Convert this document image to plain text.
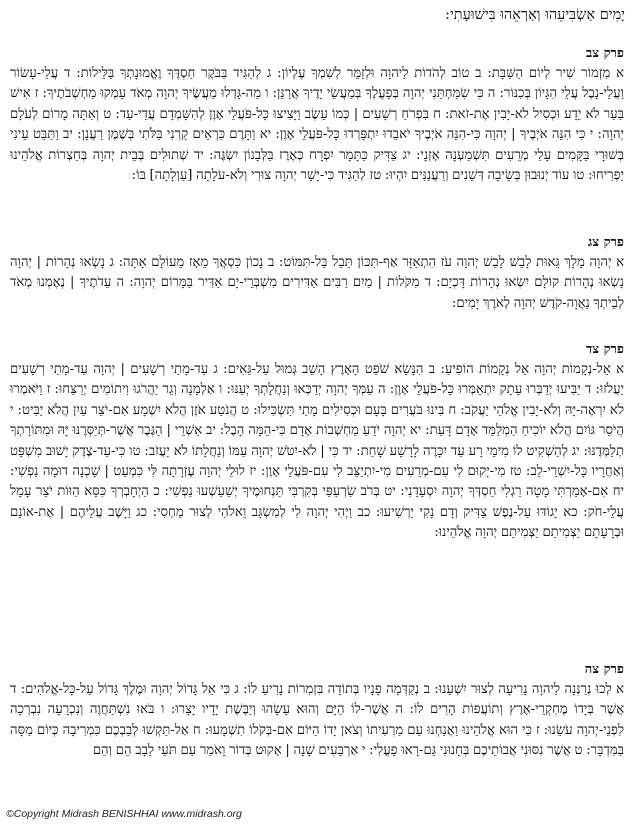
יָמִים אַשְׂבִּיעֵהוּ וְאַרְאֵהוּ בִּישׁוּעָתִי:
פרק צב
א מִזְמוֹר שִׁיר לְיוֹם הַשַּׁבָּת: ב טוֹב לְהֹדוֹת לַיהוָה וּלְזַמֵּר לְשִׁמְךָ עֶלְיוֹן: ג לְהַגִּיד בַּבֹּקֶר חַסְדֶּךָ וֶאֱמוּנָתְךָ בַּלֵּילוֹת: ד עֲלֵי-עָשׂוֹר וַעֲלֵי-נָבֶל עֲלֵי הִגָּיוֹן בְּכִנּוֹר: ה כִּי שִׂמַּחְתַּנִי יְהוָה בְּפָעֳלֶךָ בְּמַעֲשֵׂי יָדֶיךָ אֲרַנֵּן: ו מַה-גָּדְלוּ מַעֲשֶׂיךָ יְהוָה מְאֹד עָמְקוּ מַחְשְׁבֹתֶיךָ: ז אִישׁ בַּעַר לֹא יֵדָע וּכְסִיל לֹא-יָבִין אֶת-זֹאת: ח בִּפְרֹחַ רְשָׁעִים | כְּמוֹ עֵשֶׂב וַיָּצִיצוּ כָּל-פֹּעֲלֵי אָוֶן לְהִשָּׁמְדָם עֲדֵי-עַד: ט וְאַתָּה מָרוֹם לְעֹלָם יְהוָה: י כִּי הִנֵּה אֹיְבֶיךָ | יְהוָה כִּי-הִנֵּה אֹיְבֶיךָ יֹאבֵדוּ יִתְפָּרְדוּ כָּל-פֹּעֲלֵי אָוֶן: יא וַתָּרֶם כִּרְאֵים קַרְנִי בַּלֹּתִי בְּשֶׁמֶן רַעֲנָן: יב וַתַּבֵּט עֵינִי בְּשׁוּרָי בַּקָּמִים עָלַי מְרֵעִים תִּשְׁמַעְנָה אָזְנָי: יג צַדִּיק כַּתָּמָר יִפְרָח כְּאֶרֶז בַּלְּבָנוֹן יִשְׂגֶּה: יד שְׁתוּלִים בְּבֵית יְהוָה בְּחַצְרוֹת אֱלֹהֵינוּ יַפְרִיחוּ: טו עוֹד יְנוּבוּן בְּשֵׂיבָה דְּשֵׁנִים וְרַעֲנַנִּים יִהְיוּ: טז לְהַגִּיד כִּי-יָשָׁר יְהוָה צוּרִי וְלֹא-עֹלָתָה [עַוְלָתָה] בּוֹ:
פרק צג
א יְהוָה מָלָךְ גֵּאוּת לָבֵשׁ לָבֵשׁ יְהוָה עֹז הִתְאַזָּר אַף-תִּכּוֹן תֵּבֵל בַּל-תִּמּוֹט: ב נָכוֹן כִּסְאֲךָ מֵאָז מֵעוֹלָם אָתָּה: ג נָשְׂאוּ נְהָרוֹת | יְהוָה נָשְׂאוּ נְהָרוֹת קוֹלָם יִשְׂאוּ נְהָרוֹת דָּכְיָם: ד מִקֹּלוֹת | מַיִם רַבִּים אַדִּירִים מִשְׁבְּרֵי-יָם אַדִּיר בַּמָּרוֹם יְהוָה: ה עֵדֹתֶיךָ | נֶאֶמְנוּ מְאֹד לְבֵיתְךָ נַאֲוָה-קֹדֶשׁ יְהוָה לְאֹרֶךְ יָמִים:
פרק צד
א אֵל-נְקָמוֹת יְהוָה אֵל נְקָמוֹת הוֹפִיעַ: ב הִנָּשֵׂא שֹׁפֵט הָאָרֶץ הָשֵׁב גְּמוּל עַל-גֵּאִים: ג עַד-מָתַי רְשָׁעִים | יְהוָה עַד-מָתַי רְשָׁעִים יַעֲלֹזוּ: ד יַבִּיעוּ יְדַבְּרוּ עָתָק יִתְאַמְּרוּ כָּל-פֹּעֲלֵי אָוֶן: ה עַמְּךָ יְהוָה יְדַכְּאוּ וְנַחֲלָתְךָ יְעַנּוּ: ו אַלְמָנָה וְגֵר יַהֲרֹגוּ וִיתוֹמִים יְרַצֵּחוּ: ז וַיֹּאמְרוּ לֹא יִרְאֶה-יָּהּ וְלֹא-יָבִין אֱלֹהֵי יַעֲקֹב: ח בִּינוּ בֹּעֲרִים בָּעָם וּכְסִילִים מָתַי תַּשְׂכִּילוּ: ט הֲנֹטַע אֹזֶן הֲלֹא יִשְׁמָע אִם-יֹצֵר עַיִן הֲלֹא יַבִּיט: י הֲיֹסֵר גּוֹיִם הֲלֹא יוֹכִיחַ הַמְלַמֵּד אָדָם דָּעַת: יא יְהוָה יֹדֵעַ מַחְשְׁבוֹת אָדָם כִּי-הֵמָּה הָבֶל: יב אַשְׁרֵי | הַגֶּבֶר אֲשֶׁר-תְּיַסְּרֶנּוּ יָּהּ וּמִתּוֹרָתְךָ תְלַמְּדֶנּוּ: יג לְהַשְׁקִיט לוֹ מִימֵי רָע עַד יִכָּרֶה לָרָשָׁע שָׁחַת: יד כִּי | לֹא-יִטֹּשׁ יְהוָה עַמּוֹ וְנַחֲלָתוֹ לֹא יַעֲזֹב: טו כִּי-עַד-צֶדֶק יָשׁוּב מִשְׁפָּט וְאַחֲרָיו כָּל-יִשְׁרֵי-לֵב: טז מִי-יָקוּם לִי עִם-מְרֵעִים מִי-יִתְיַצֵּב לִי עִם-פֹּעֲלֵי אָוֶן: יז לוּלֵי יְהוָה עֶזְרָתָה לִּי כִּמְעַט | שָׁכְנָה דוּמָה נַפְשִׁי: יח אִם-אָמַרְתִּי מָטָה רַגְלִי חַסְדְּךָ יְהוָה יִסְעָדֵנִי: יט בְּרֹב שַׂרְעַפַּי בְּקִרְבִּי תַּנְחוּמֶיךָ יְשַׁעַשְׁעוּ נַפְשִׁי: כ הַיְחָבְרְךָ כִּסֵּא הַוּוֹת יֹצֵר עָמָל עֲלֵי-חֹק: כא יָגוֹדּוּ עַל-נֶפֶשׁ צַדִּיק וְדָם נָקִי יַרְשִׁיעוּ: כב וַיְהִי יְהוָה לִי לְמִשְׂגָּב וֵאלֹהַי לְצוּר מַחְסִי: כג וַיָּשֶׁב עֲלֵיהֶם | אֶת-אוֹנָם וּבְרָעָתָם יַצְמִיתֵם יַצְמִיתֵם יְהוָה אֱלֹהֵינוּ:
פרק צה
א לְכוּ נְרַנְּנָה לַיהוָה נָרִיעָה לְצוּר יִשְׁעֵנוּ: ב נְקַדְּמָה פָנָיו בְּתוֹדָה בִּזְמִרוֹת נָרִיעַ לוֹ: ג כִּי אֵל גָּדוֹל יְהוָה וּמֶלֶךְ גָּדוֹל עַל-כָּל-אֱלֹהִים: ד אֲשֶׁר בְּיָדוֹ מֶחְקְרֵי-אָרֶץ וְתוֹעֲפוֹת הָרִים לוֹ: ה אֲשֶׁר-לוֹ הַיָּם וְהוּא עָשָׂהוּ וְיַבֶּשֶׁת יָדָיו יָצָרוּ: ו בֹּאוּ נִשְׁתַּחֲוֶה וְנִכְרָעָה נִבְרְכָה לִפְנֵי-יְהוָה עֹשֵׂנוּ: ז כִּי הוּא אֱלֹהֵינוּ וַאֲנַחְנוּ עַם מַרְעִיתוֹ וְצֹאן יָדוֹ הַיּוֹם אִם-בְּקֹלוֹ תִשְׁמָעוּ: ח אַל-תַּקְשׁוּ לְבַבְכֶם כִּמְרִיבָה כְּיוֹם מַסָּה בַּמִּדְבָּר: ט אֲשֶׁר נִסּוּנִי אֲבוֹתֵיכֶם בְּחָנוּנִי גַּם-רָאוּ פָעֳלִי: י אַרְבָּעִים שָׁנָה | אָקוּט בְּדוֹר וָאֹמַר עַם תֹּעֵי לֵבָב הֵם וְהֵם
©Copyright Midrash BENISHHAI www.midrash.org
